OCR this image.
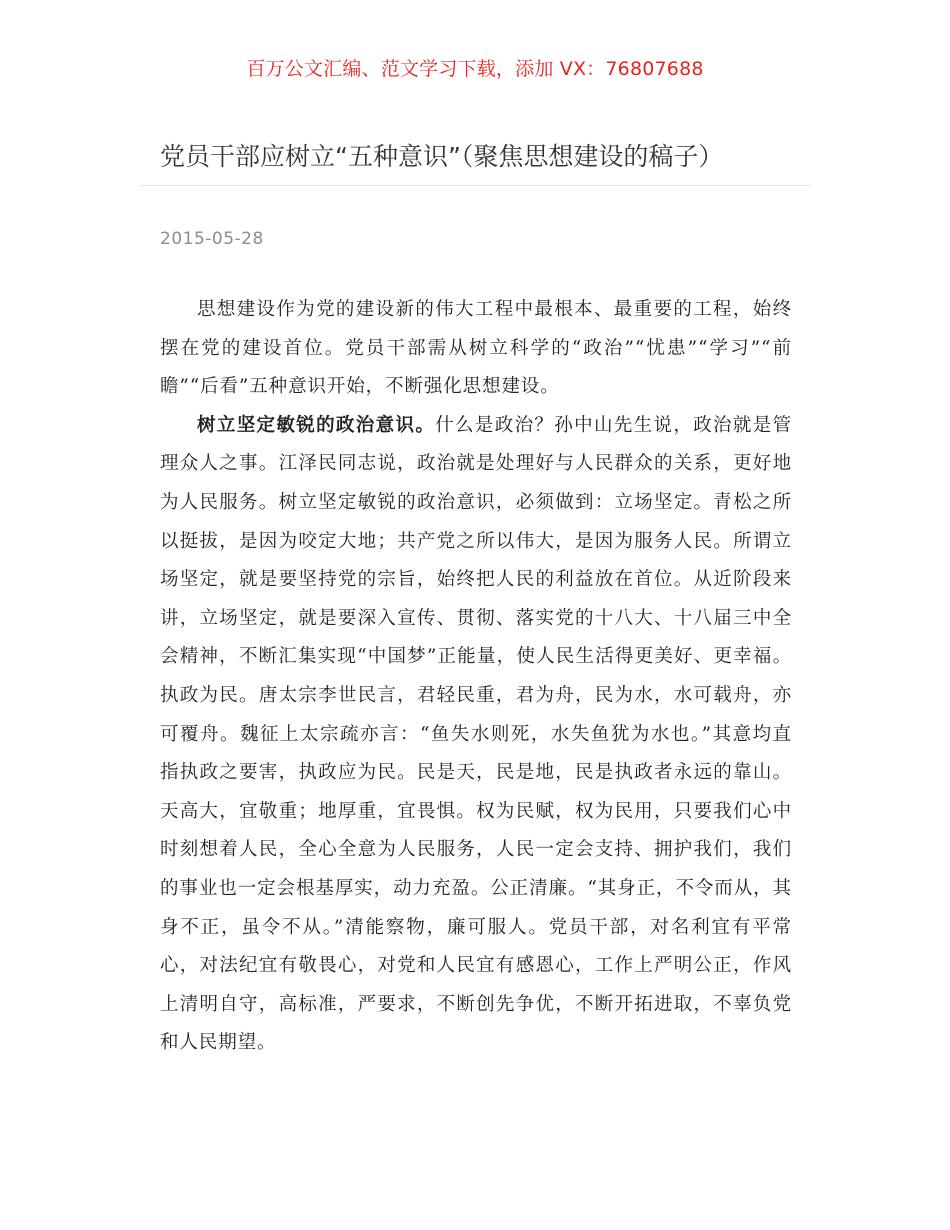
百万公文汇编、范文学习下载，添加 VX：76807688
党员干部应树立“五种意识”（聚焦思想建设的稿子）
2015-05-28

思想建设作为党的建设新的伟大工程中最根本、最重要的工程，始终摆在党的建设首位。党员干部需从树立科学的“政治”“忧患”“学习”“前瞻”“后看”五种意识开始，不断强化思想建设。

树立坚定敏锐的政治意识。什么是政治？孙中山先生说，政治就是管理众人之事。江泽民同志说，政治就是处理好与人民群众的关系，更好地为人民服务。树立坚定敏锐的政治意识，必须做到：立场坚定。青松之所以挺拔，是因为咬定大地；共产党之所以伟大，是因为服务人民。所谓立场坚定，就是要坚持党的宗旨，始终把人民的利益放在首位。从近阶段来讲，立场坚定，就是要深入宣传、贯彻、落实党的十八大、十八届三中全会精神，不断汇集实现“中国梦”正能量，使人民生活得更美好、更幸福。执政为民。唐太宗李世民言，君轻民重，君为舟，民为水，水可载舟，亦可覆舟。魏征上太宗疏亦言：“鱼失水则死，水失鱼犹为水也。”其意均直指执政之要害，执政应为民。民是天，民是地，民是执政者永远的靠山。天高大，宜敬重；地厚重，宜畏惧。权为民赋，权为民用，只要我们心中时刻想着人民，全心全意为人民服务，人民一定会支持、拥护我们，我们的事业也一定会根基厚实，动力充盈。公正清廉。“其身正，不令而从，其身不正，虽令不从。”清能察物，廉可服人。党员干部，对名利宜有平常心，对法纪宜有敬畏心，对党和人民宜有感恩心，工作上严明公正，作风上清明自守，高标准，严要求，不断创先争优，不断开拓进取，不辜负党和人民期望。
